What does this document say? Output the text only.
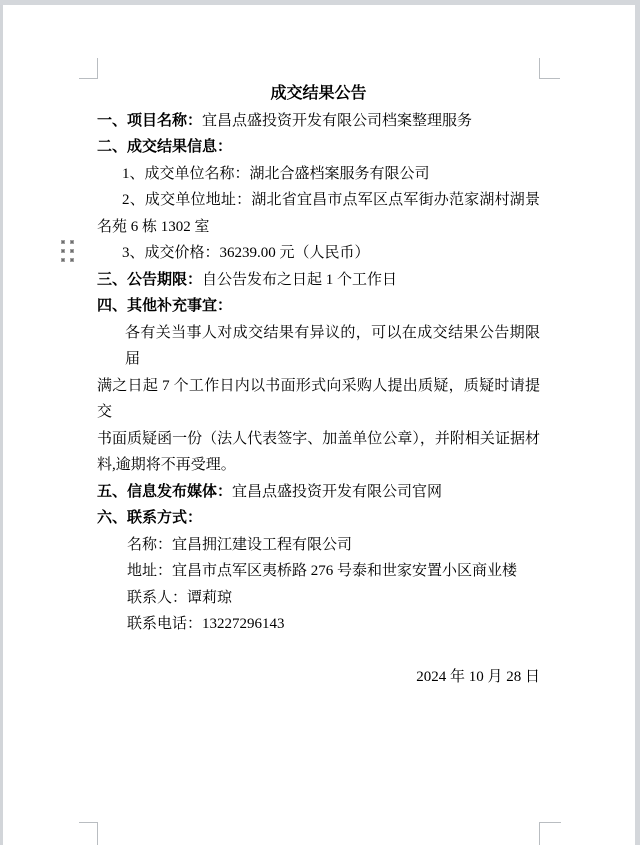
成交结果公告
一、项目名称：宜昌点盛投资开发有限公司档案整理服务
二、成交结果信息：
1、成交单位名称：湖北合盛档案服务有限公司
2、成交单位地址：湖北省宜昌市点军区点军街办范家湖村湖景
名苑 6 栋 1302 室
3、成交价格：36239.00 元（人民币）
三、公告期限：自公告发布之日起 1 个工作日
四、其他补充事宜：
各有关当事人对成交结果有异议的，可以在成交结果公告期限届
满之日起 7 个工作日内以书面形式向采购人提出质疑，质疑时请提交
书面质疑函一份（法人代表签字、加盖单位公章），并附相关证据材
料,逾期将不再受理。
五、信息发布媒体：宜昌点盛投资开发有限公司官网
六、联系方式：
名称：宜昌拥江建设工程有限公司
地址：宜昌市点军区夷桥路 276 号泰和世家安置小区商业楼
联系人：谭莉琼
联系电话：13227296143
2024 年 10 月 28 日
